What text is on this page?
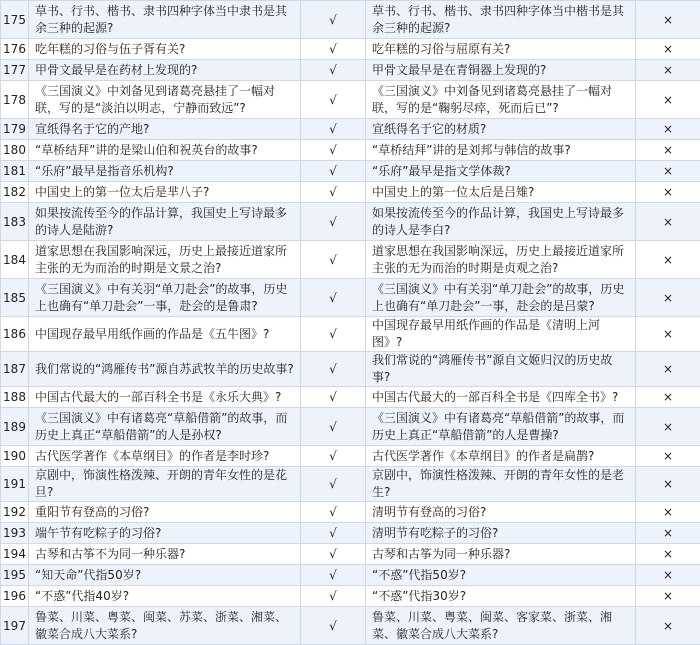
175	草书、行书、楷书、隶书四种字体当中隶书是其余三种的起源?	√	草书、行书、楷书、隶书四种字体当中楷书是其余三种的起源?	×
176	吃年糕的习俗与伍子胥有关?	√	吃年糕的习俗与屈原有关?	×
177	甲骨文最早是在药材上发现的?	√	甲骨文最早是在青铜器上发现的?	×
178	《三国演义》中刘备见到诸葛亮悬挂了一幅对联，写的是“淡泊以明志，宁静而致远”?	√	《三国演义》中刘备见到诸葛亮悬挂了一幅对联，写的是“鞠躬尽瘁，死而后已”?	×
179	宣纸得名于它的产地?	√	宣纸得名于它的材质?	×
180	“草桥结拜”讲的是梁山伯和祝英台的故事?	√	“草桥结拜”讲的是刘邦与韩信的故事?	×
181	“乐府”最早是指音乐机构?	√	“乐府”最早是指文学体裁?	×
182	中国史上的第一位太后是芈八子?	√	中国史上的第一位太后是吕雉?	×
183	如果按流传至今的作品计算，我国史上写诗最多的诗人是陆游?	√	如果按流传至今的作品计算，我国史上写诗最多的诗人是李白?	×
184	道家思想在我国影响深远，历史上最接近道家所主张的无为而治的时期是文景之治?	√	道家思想在我国影响深远，历史上最接近道家所主张的无为而治的时期是贞观之治?	×
185	《三国演义》中有关羽“单刀赴会”的故事，历史上也确有“单刀赴会”一事，赴会的是鲁肃?	√	《三国演义》中有关羽“单刀赴会”的故事，历史上也确有“单刀赴会”一事，赴会的是吕蒙?	×
186	中国现存最早用纸作画的作品是《五牛图》?	√	中国现存最早用纸作画的作品是《清明上河图》?	×
187	我们常说的“鸿雁传书”源自苏武牧羊的历史故事?	√	我们常说的“鸿雁传书”源自文姬归汉的历史故事?	×
188	中国古代最大的一部百科全书是《永乐大典》?	√	中国古代最大的一部百科全书是《四库全书》?	×
189	《三国演义》中有诸葛亮“草船借箭”的故事，而历史上真正“草船借箭”的人是孙权?	√	《三国演义》中有诸葛亮“草船借箭”的故事，而历史上真正“草船借箭”的人是曹操?	×
190	古代医学著作《本草纲目》的作者是李时珍?	√	古代医学著作《本草纲目》的作者是扁鹊?	×
191	京剧中，饰演性格泼辣、开朗的青年女性的是花旦?	√	京剧中，饰演性格泼辣、开朗的青年女性的是老生?	×
192	重阳节有登高的习俗?	√	清明节有登高的习俗?	×
193	端午节有吃粽子的习俗?	√	清明节有吃粽子的习俗?	×
194	古琴和古筝不为同一种乐器?	√	古琴和古筝为同一种乐器?	×
195	“知天命”代指50岁?	√	“不惑”代指50岁?	×
196	“不惑”代指40岁?	√	“不惑”代指30岁?	×
197	鲁菜、川菜、粤菜、闽菜、苏菜、浙菜、湘菜、徽菜合成八大菜系?	√	鲁菜、川菜、粤菜、闽菜、客家菜、浙菜、湘菜、徽菜合成八大菜系?	×
